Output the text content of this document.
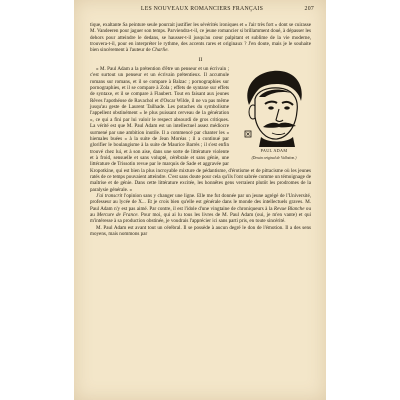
LES NOUVEAUX ROMANCIERS FRANÇAIS	207

tique, exaltante Sa peinture seule pourrait justifier les sévérités ironiques et « l'air très fort » dont se cuirasse M. Vandeeren pour jaguer son temps. Parviendra-t-il, ce jeune romancier si brillamment doué, à dépasser les dehors pour atteindre le dedans, se hausser-t-il jusqu'au cœur palpitant et sublime de la vie moderne, trouvera-t-il, pour en interpréter le rythme, des accents rares et originaux ? J'en doute, mais je le souhaite bien sincèrement à l'auteur de Charlie.

II

PAUL ADAM
(Dessin original de Vallotton.)

« M. Paul Adam a la prétention d'être un penseur et un écrivain ; c'est surtout un penseur et un écrivain prétentieux. Il accumule romans sur romans, et il se compare à Balzac ; pornographies sur pornographies, et il se compare à Zola ; effets de syntaxe sur effets de syntaxe, et il se compare à Flaubert. Tout en faisant aux jeunes Rêves l'apothéose de Ravachol et d'Oscar Wilde, il ne va pas même jusqu'au geste de Laurent Tailhade. Les potaches du symbolisme l'appellent obstinément « le plus puissant cerveau de la génération », ce qui a fini par lui valoir le respect absourdi de gros critiques. La vérité est que M. Paul Adam est un intellectuel assez médiocre surmené par une ambition inutile. Il a commencé par chanter les « hiemales buées » à la suite de Jean Moréas ; il a continué par glorifier le boulangisme à la suite de Maurice Barrès ; il s'est enfin trouvé chez lui, et à son aise, dans une sorte de littérature violente et à froid, sensuelle et sans volupté, cérébrale et sans génie, une littérature de Trissotin revue par le marquis de Sade et aggravée par Kropotkine, qui est bien la plus incroyable mixture de pédantisme, d'érotisme et de pittacisme où les jeunes ratés de ce temps pouvaient atteindre. C'est sans doute pour cela qu'ils l'ont sabrée comme un témoignage de maîtrise et de génie. Dans cette littérature excitée, les honnêtes gens verraient plutôt les prodromes de la paralysie générale. »

J'ai transcrit l'opinion sans y changer une ligne. Elle me fut donnée par un jeune agrégé de l'Université, professeur au lycée de X... Et je crois bien qu'elle est générale dans le monde des intellectuels graves. M. Paul Adam n'y est pas aimé. Par contre, il est l'idole d'une vingtaine de chroniqueurs à la Revue Blanche ou au Mercure de France. Pour moi, qui ai lu tous les livres de M. Paul Adam (oui, je m'en vante) et qui m'intéresse à sa production obstinée, je voudrais l'apprécier ici sans parti pris, en toute sincérité.

M. Paul Adam est avant tout un cérébral. Il se possède à aucun degré le don de l'émotion. Il a des sens moyens, mais nommons par
